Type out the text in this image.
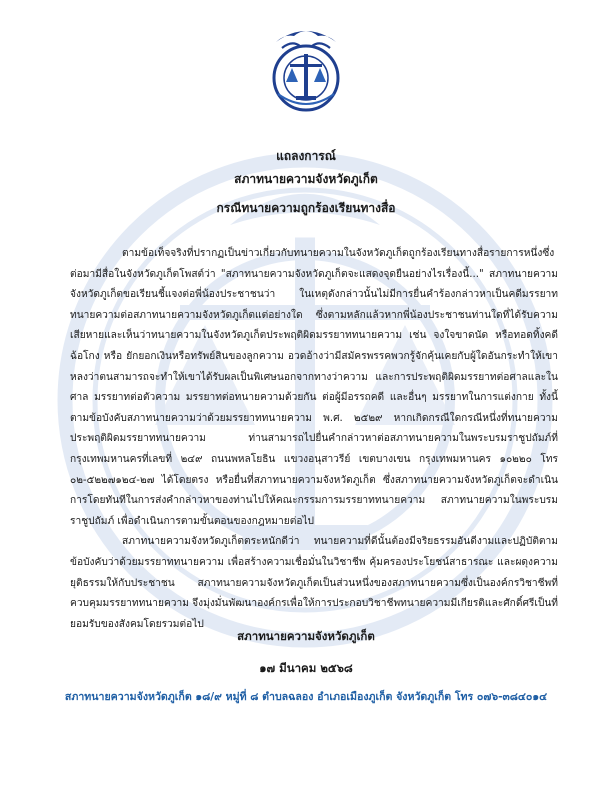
แถลงการณ์
สภาทนายความจังหวัดภูเก็ต
กรณีทนายความถูกร้องเรียนทางสื่อ

ตามข้อเท็จจริงที่ปรากฏเป็นข่าวเกี่ยวกับทนายความในจังหวัดภูเก็ตถูกร้องเรียนทางสื่อรายการหนึ่งซึ่งต่อมามีสื่อในจังหวัดภูเก็ตโพสต์ว่า "สภาทนายความจังหวัดภูเก็ตจะแสดงจุดยืนอย่างไรเรื่องนี้..." สภาทนายความจังหวัดภูเก็ตขอเรียนชี้แจงต่อพี่น้องประชาชนว่า ในเหตุดังกล่าวนั้นไม่มีการยื่นคำร้องกล่าวหาเป็นคดีมรรยาททนายความต่อสภาทนายความจังหวัดภูเก็ตแต่อย่างใด ซึ่งตามหลักแล้วหากพี่น้องประชาชนท่านใดที่ได้รับความเสียหายและเห็นว่าทนายความในจังหวัดภูเก็ตประพฤติผิดมรรยาททนายความ เช่น จงใจขาดนัด หรือทอดทิ้งคดี ฉ้อโกง หรือ ยักยอกเงินหรือทรัพย์สินของลูกความ อวดอ้างว่ามีสมัครพรรคพวกรู้จักคุ้นเคยกับผู้ใดอันกระทำให้เขาหลงว่าตนสามารถจะทำให้เขาได้รับผลเป็นพิเศษนอกจากทางว่าความ และการประพฤติผิดมรรยาทต่อศาลและในศาล มรรยาทต่อตัวความ มรรยาทต่อทนายความด้วยกัน ต่อผู้มีอรรถคดี และอื่นๆ มรรยาทในการแต่งกาย ทั้งนี้ตามข้อบังคับสภาทนายความว่าด้วยมรรยาททนายความ พ.ศ. ๒๕๒๙ หากเกิดกรณีใดกรณีหนึ่งที่ทนายความประพฤติผิดมรรยาททนายความ ท่านสามารถไปยื่นคำกล่าวหาต่อสภาทนายความในพระบรมราชูปถัมภ์ที่กรุงเทพมหานครที่เลขที่ ๒๔๙ ถนนพหลโยธิน แขวงอนุสาวรีย์ เขตบางเขน กรุงเทพมหานคร ๑๐๒๒๐ โทร ๐๒-๕๒๒๗๑๒๔-๒๗ ได้โดยตรง หรือยื่นที่สภาทนายความจังหวัดภูเก็ต ซึ่งสภาทนายความจังหวัดภูเก็ตจะดำเนินการโดยทันทีในการส่งคำกล่าวหาของท่านไปให้คณะกรรมการมรรยาททนายความ สภาทนายความในพระบรมราชูปถัมภ์ เพื่อดำเนินการตามขั้นตอนของกฎหมายต่อไป

สภาทนายความจังหวัดภูเก็ตตระหนักดีว่า ทนายความที่ดีนั้นต้องมีจริยธรรมอันดีงามและปฏิบัติตามข้อบังคับว่าด้วยมรรยาททนายความ เพื่อสร้างความเชื่อมั่นในวิชาชีพ คุ้มครองประโยชน์สาธารณะ และผดุงความยุติธรรมให้กับประชาชน สภาทนายความจังหวัดภูเก็ตเป็นส่วนหนึ่งของสภาทนายความซึ่งเป็นองค์กรวิชาชีพที่ควบคุมมรรยาททนายความ จึงมุ่งมั่นพัฒนาองค์กรเพื่อให้การประกอบวิชาชีพทนายความมีเกียรติและศักดิ์ศรีเป็นที่ยอมรับของสังคมโดยรวมต่อไป

สภาทนายความจังหวัดภูเก็ต
๑๗ มีนาคม ๒๕๖๘
สภาทนายความจังหวัดภูเก็ต ๑๘/๙ หมู่ที่ ๘ ตำบลฉลอง อำเภอเมืองภูเก็ต จังหวัดภูเก็ต โทร ๐๗๖-๓๘๔๐๑๔
